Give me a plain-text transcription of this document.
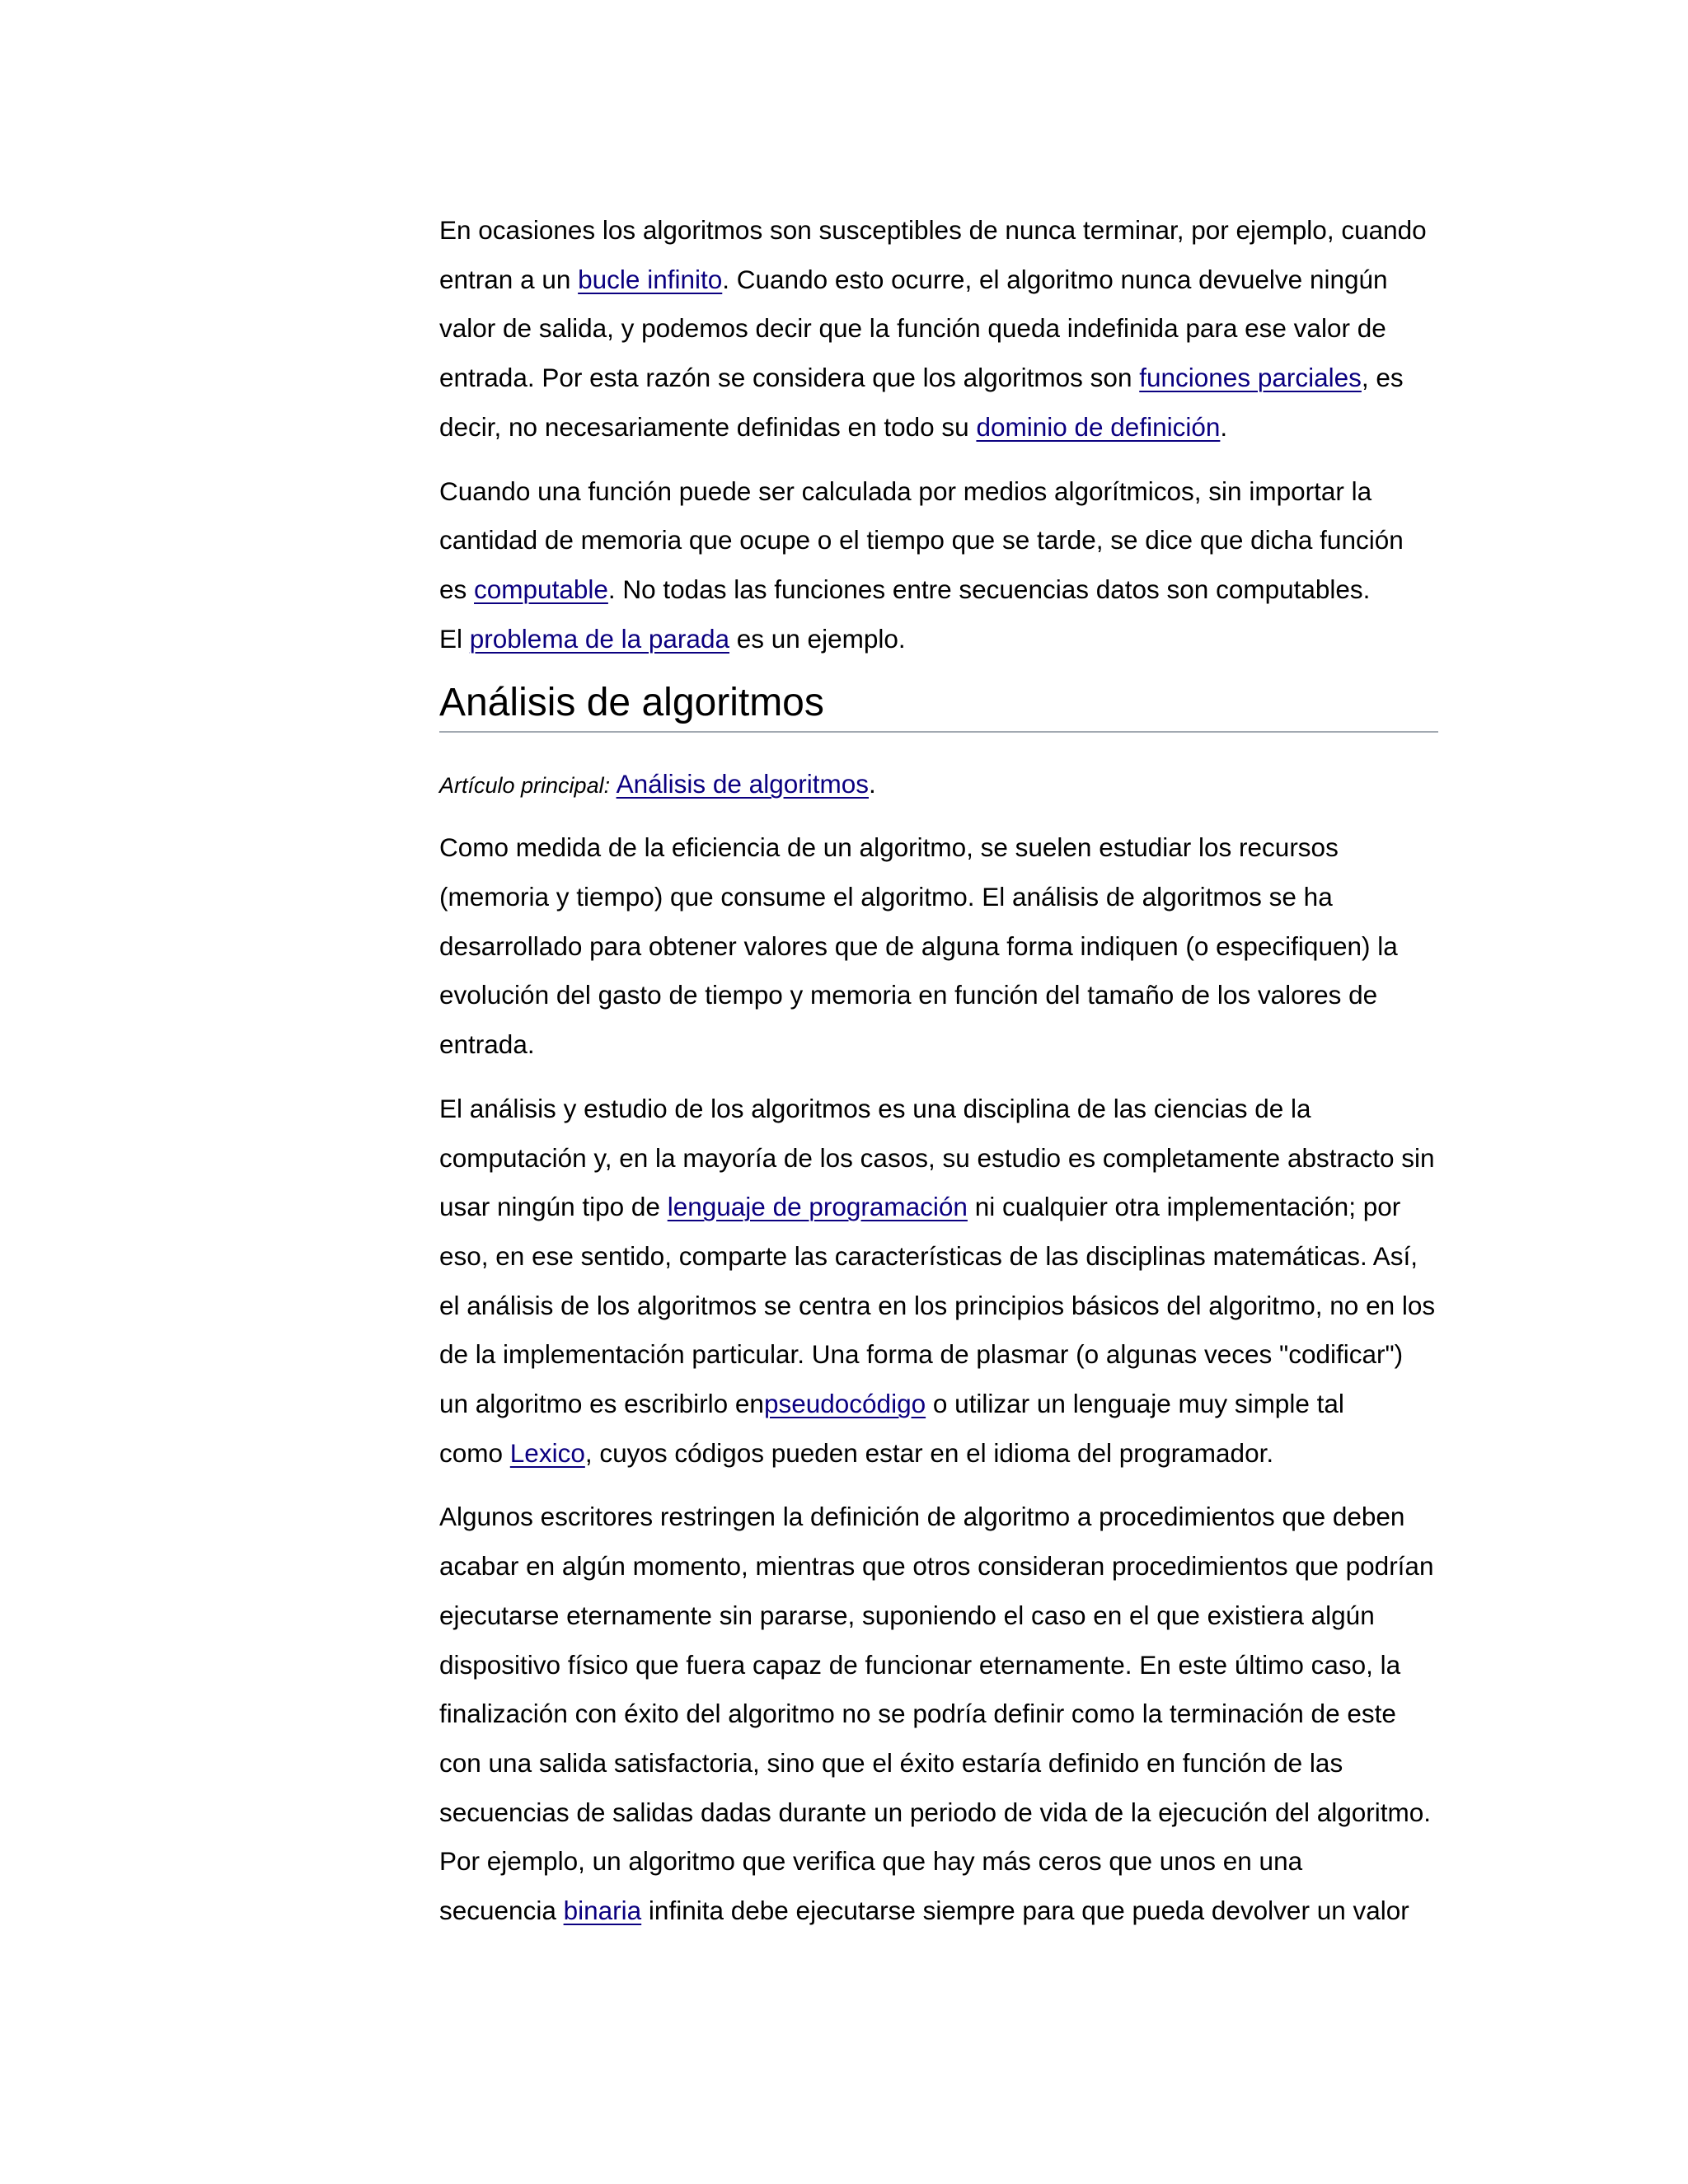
En ocasiones los algoritmos son susceptibles de nunca terminar, por ejemplo, cuando
entran a un bucle infinito. Cuando esto ocurre, el algoritmo nunca devuelve ningún
valor de salida, y podemos decir que la función queda indefinida para ese valor de
entrada. Por esta razón se considera que los algoritmos son funciones parciales, es
decir, no necesariamente definidas en todo su dominio de definición.

Cuando una función puede ser calculada por medios algorítmicos, sin importar la
cantidad de memoria que ocupe o el tiempo que se tarde, se dice que dicha función
es computable. No todas las funciones entre secuencias datos son computables.
El problema de la parada es un ejemplo.

Análisis de algoritmos
Artículo principal: Análisis de algoritmos.

Como medida de la eficiencia de un algoritmo, se suelen estudiar los recursos
(memoria y tiempo) que consume el algoritmo. El análisis de algoritmos se ha
desarrollado para obtener valores que de alguna forma indiquen (o especifiquen) la
evolución del gasto de tiempo y memoria en función del tamaño de los valores de
entrada.

El análisis y estudio de los algoritmos es una disciplina de las ciencias de la
computación y, en la mayoría de los casos, su estudio es completamente abstracto sin
usar ningún tipo de lenguaje de programación ni cualquier otra implementación; por
eso, en ese sentido, comparte las características de las disciplinas matemáticas. Así,
el análisis de los algoritmos se centra en los principios básicos del algoritmo, no en los
de la implementación particular. Una forma de plasmar (o algunas veces "codificar")
un algoritmo es escribirlo enpseudocódigo o utilizar un lenguaje muy simple tal
como Lexico, cuyos códigos pueden estar en el idioma del programador.

Algunos escritores restringen la definición de algoritmo a procedimientos que deben
acabar en algún momento, mientras que otros consideran procedimientos que podrían
ejecutarse eternamente sin pararse, suponiendo el caso en el que existiera algún
dispositivo físico que fuera capaz de funcionar eternamente. En este último caso, la
finalización con éxito del algoritmo no se podría definir como la terminación de este
con una salida satisfactoria, sino que el éxito estaría definido en función de las
secuencias de salidas dadas durante un periodo de vida de la ejecución del algoritmo.
Por ejemplo, un algoritmo que verifica que hay más ceros que unos en una
secuencia binaria infinita debe ejecutarse siempre para que pueda devolver un valor
